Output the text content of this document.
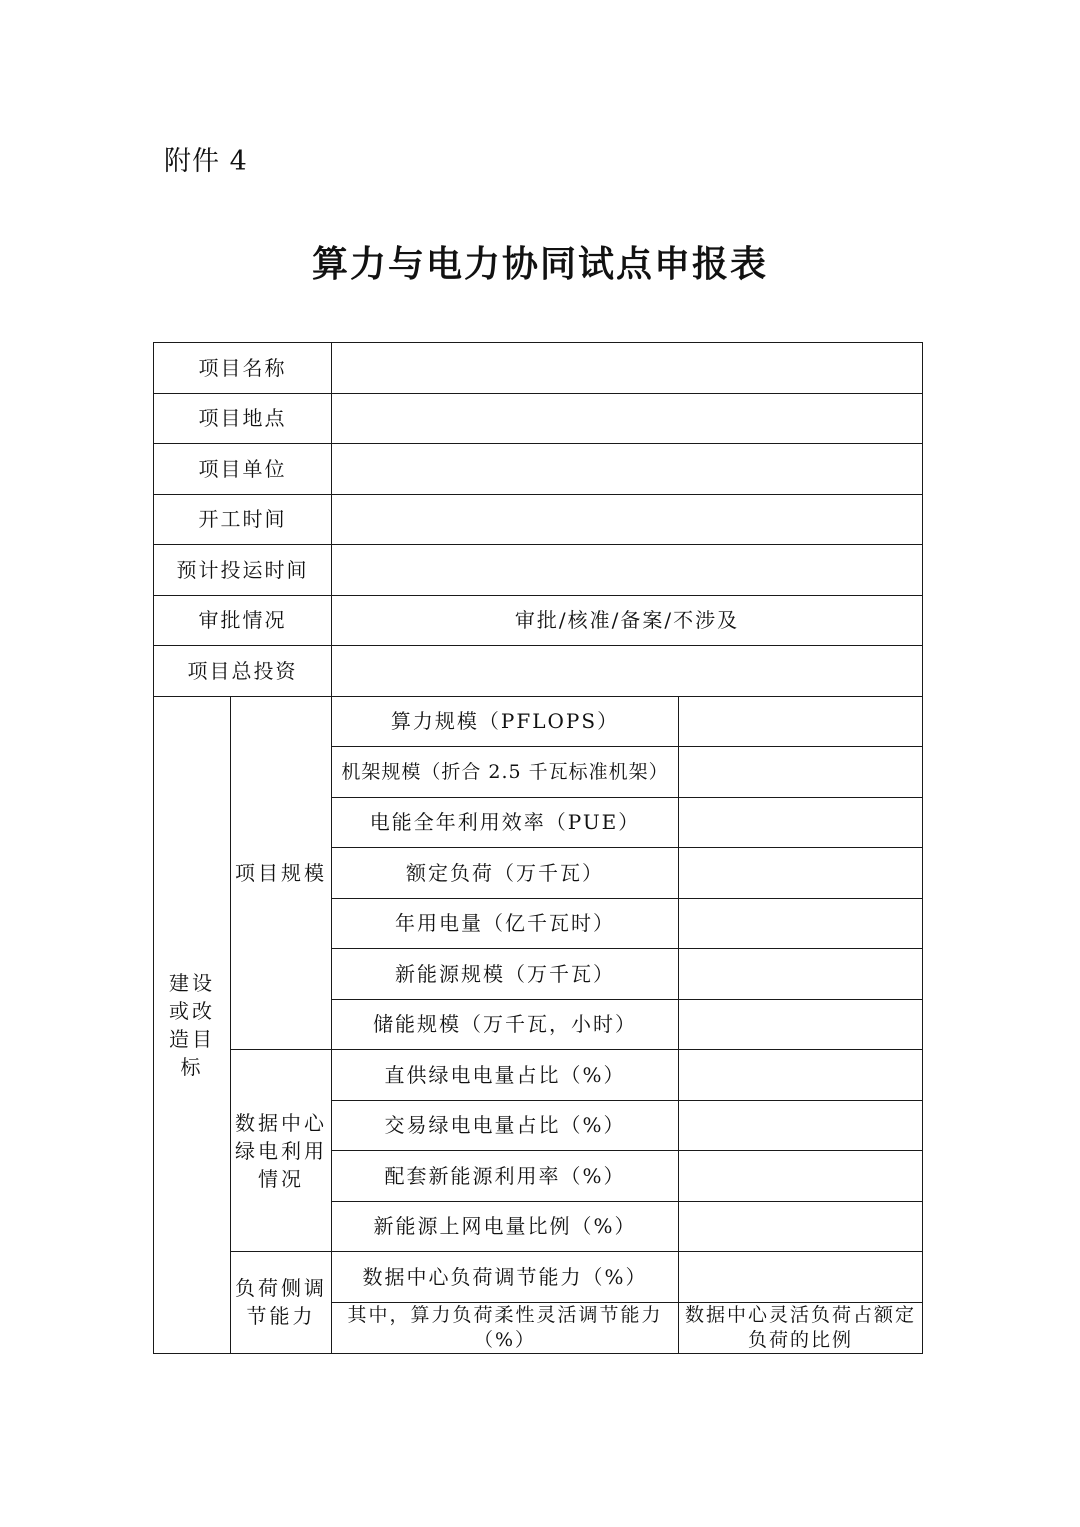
附件 4
算力与电力协同试点申报表
项目名称			
项目地点			
项目单位			
开工时间			
预计投运时间			
审批情况		审批/核准/备案/不涉及	
项目总投资			
建设或改造目标	项目规模	算力规模（PFLOPS）	
		机架规模（折合 2.5 千瓦标准机架）	
		电能全年利用效率（PUE）	
		额定负荷（万千瓦）	
		年用电量（亿千瓦时）	
		新能源规模（万千瓦）	
		储能规模（万千瓦，小时）	
	数据中心绿电利用情况	直供绿电电量占比（%）	
		交易绿电电量占比（%）	
		配套新能源利用率（%）	
		新能源上网电量比例（%）	
	负荷侧调节能力	数据中心负荷调节能力（%）	
		其中，算力负荷柔性灵活调节能力（%）	数据中心灵活负荷占额定负荷的比例
